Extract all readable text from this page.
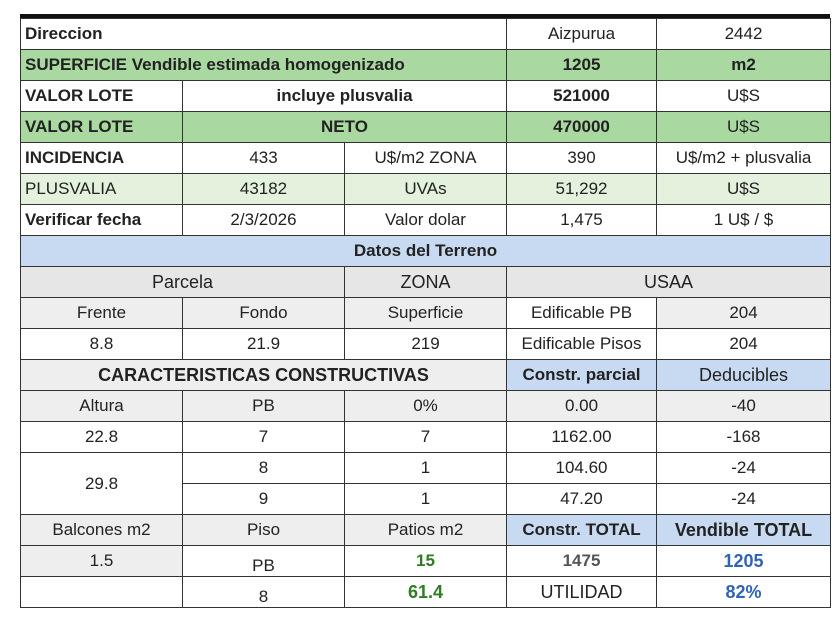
Direccion			Aizpurua	2442
SUPERFICIE Vendible estimada homogenizado			1205	m2
VALOR LOTE	incluye plusvalia		521000	U$S
VALOR LOTE	NETO		470000	U$S
INCIDENCIA	433	U$/m2 ZONA	390	U$/m2 + plusvalia
PLUSVALIA	43182	UVAs	51,292	U$S
Verificar fecha	2/3/2026	Valor dolar	1,475	1 U$ / $
Datos del Terreno				
Parcela		ZONA	USAA	
Frente	Fondo	Superficie	Edificable PB	204
8.8	21.9	219	Edificable Pisos	204
CARACTERISTICAS CONSTRUCTIVAS			Constr. parcial	Deducibles
Altura	PB	0%	0.00	-40
22.8	7	7	1162.00	-168
29.8	8	1	104.60	-24
	9	1	47.20	-24
Balcones m2	Piso	Patios m2	Constr. TOTAL	Vendible TOTAL
1.5	PB	15	1475	1205
	8	61.4	UTILIDAD	82%
